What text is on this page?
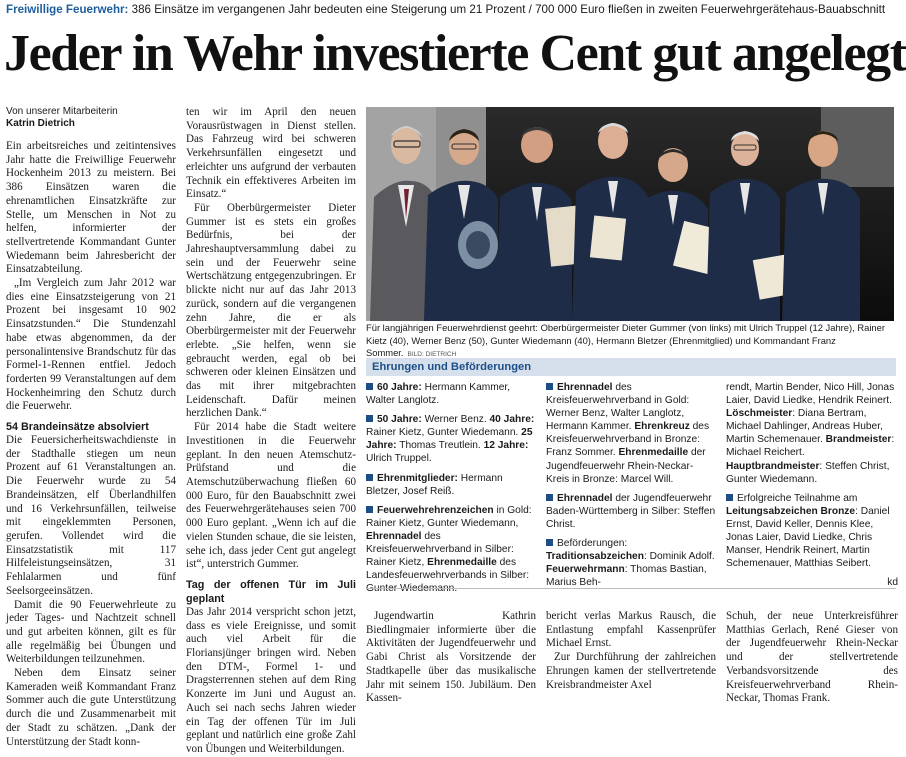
Freiwillige Feuerwehr: 386 Einsätze im vergangenen Jahr bedeuten eine Steigerung um 21 Prozent / 700 000 Euro fließen in zweiten Feuerwehrgerätehaus-Bauabschnitt
Jeder in Wehr investierte Cent gut angelegt
Von unserer Mitarbeiterin
Katrin Dietrich

Ein arbeitsreiches und zeitintensives Jahr hatte die Freiwillige Feuerwehr Hockenheim 2013 zu meistern. Bei 386 Einsätzen waren die ehrenamtlichen Einsatzkräfte zur Stelle, um Menschen in Not zu helfen, informierter der stellvertretende Kommandant Gunter Wiedemann beim Jahresbericht der Einsatzabteilung.

„Im Vergleich zum Jahr 2012 war dies eine Einsatzsteigerung von 21 Prozent bei insgesamt 10 902 Einsatzstunden.“ Die Stundenzahl habe etwas abgenommen, da der personalintensive Brandschutz für das Formel-1-Rennen entfiel. Jedoch forderten 99 Veranstaltungen auf dem Hockenheimring den Schutz durch die Feuerwehr.

54 Brandeinsätze absolviert

Die Feuersicherheitswachdienste in der Stadthalle stiegen um neun Prozent auf 61 Veranstaltungen an. Die Feuerwehr wurde zu 54 Brandeinsätzen, elf Überlandhilfen und 16 Verkehrsunfällen, teilweise mit eingeklemmten Personen, gerufen. Vollendet wird die Einsatzstatistik mit 117 Hilfeleistungseinsätzen, 31 Fehlalarmen und fünf Seelsorgeeinsätzen.

Damit die 90 Feuerwehrleute zu jeder Tages- und Nachtzeit schnell und gut arbeiten können, gilt es für alle regelmäßig bei Übungen und Weiterbildungen teilzunehmen.

Neben dem Einsatz seiner Kameraden weiß Kommandant Franz Sommer auch die gute Unterstützung durch die und Zusammenarbeit mit der Stadt zu schätzen. „Dank der Unterstützung der Stadt konn-

ten wir im April den neuen Vorausrüstwagen in Dienst stellen. Das Fahrzeug wird bei schweren Verkehrsunfällen eingesetzt und erleichter uns aufgrund der verbauten Technik ein effektiveres Arbeiten im Einsatz.“

Für Oberbürgermeister Dieter Gummer ist es stets ein großes Bedürfnis, bei der Jahreshauptversammlung dabei zu sein und der Feuerwehr seine Wertschätzung entgegenzubringen. Er blickte nicht nur auf das Jahr 2013 zurück, sondern auf die vergangenen zehn Jahre, die er als Oberbürgermeister mit der Feuerwehr erlebte. „Sie helfen, wenn sie gebraucht werden, egal ob bei schweren oder kleinen Einsätzen und das mit ihrer mitgebrachten Leidenschaft. Dafür meinen herzlichen Dank.“

Für 2014 habe die Stadt weitere Investitionen in die Feuerwehr geplant. In den neuen Atemschutz-Prüfstand und die Atemschutzüberwachung fließen 60 000 Euro, für den Bauabschnitt zwei des Feuerwehrgerätehauses seien 700 000 Euro geplant. „Wenn ich auf die vielen Stunden schaue, die sie leisten, sehe ich, dass jeder Cent gut angelegt ist“, unterstrich Gummer.

Tag der offenen Tür im Juli geplant

Das Jahr 2014 verspricht schon jetzt, dass es viele Ereignisse, und somit auch viel Arbeit für die Floriansjünger bringen wird. Neben den DTM-, Formel 1- und Dragsterrennen stehen auf dem Ring Konzerte im Juni und August an. Auch sei nach sechs Jahren wieder ein Tag der offenen Tür im Juli geplant und natürlich eine große Zahl von Übungen und Weiterbildungen.

Für langjährigen Feuerwehrdienst geehrt: Oberbürgermeister Dieter Gummer (von links) mit Ulrich Truppel (12 Jahre), Rainer Kietz (40), Werner Benz (50), Gunter Wiedemann (40), Hermann Bletzer (Ehrenmitglied) und Kommandant Franz Sommer. BILD: DIETRICH
Ehrungen und Beförderungen
60 Jahre: Hermann Kammer, Walter Langlotz.
50 Jahre: Werner Benz. 40 Jahre: Rainer Kietz, Gunter Wiedemann. 25 Jahre: Thomas Treutlein. 12 Jahre: Ulrich Truppel.
Ehrenmitglieder: Hermann Bletzer, Josef Reiß.
Feuerwehrehrenzeichen in Gold: Rainer Kietz, Gunter Wiedemann, Ehrennadel des Kreisfeuerwehrverband in Silber: Rainer Kietz, Ehrenmedaille des Landesfeuerwehrverbands in Silber:
Ehrennadel des Kreisfeuerwehrverband in Gold: Werner Benz, Walter Langlotz, Hermann Kammer. Ehrenkreuz des Kreisfeuerwehrverband in Bronze: Franz Sommer. Ehrenmedaille der Jugendfeuerwehr Rhein-Neckar- Kreis in Bronze: Marcel Will.
Ehrennadel der Jugendfeuerwehr Baden-Württemberg in Silber: Steffen Christ.
Beförderungen: Traditionsabzeichen: Dominik Adolf. Feuerwehrmann: Thomas Bastian, Marius Beh-
rendt, Martin Bender, Nico Hill, Jonas Laier, David Liedke, Hendrik Reinert. Löschmeister: Diana Bertram, Michael Dahlinger, Andreas Huber, Martin Schemenauer. Brandmeister: Michael Reichert. Hauptbrandmeister: Steffen Christ, Gunter Wiedemann.
Erfolgreiche Teilnahme am Leitungsabzeichen Bronze: Daniel Ernst, David Keller, Dennis Klee, Jonas Laier, David Liedke, Chris Manser, Hendrik Reinert, Martin Schemenauer, Matthias Seibert.
kd

Jugendwartin Kathrin Biedlingmaier informierte über die Aktivitäten der Jugendfeuerwehr und Gabi Christ als Vorsitzende der Stadtkapelle über das musikalische Jahr mit seinem 150. Jubiläum. Den Kassen-

bericht verlas Markus Rausch, die Entlastung empfahl Kassenprüfer Michael Ernst.

Zur Durchführung der zahlreichen Ehrungen kamen der stellvertretende Kreisbrandmeister Axel

Schuh, der neue Unterkreisführer Matthias Gerlach, René Gieser von der Jugendfeuerwehr Rhein-Neckar und der stellvertretende Verbandsvorsitzende des Kreisfeuerwehrverband Rhein-Neckar, Thomas Frank.
